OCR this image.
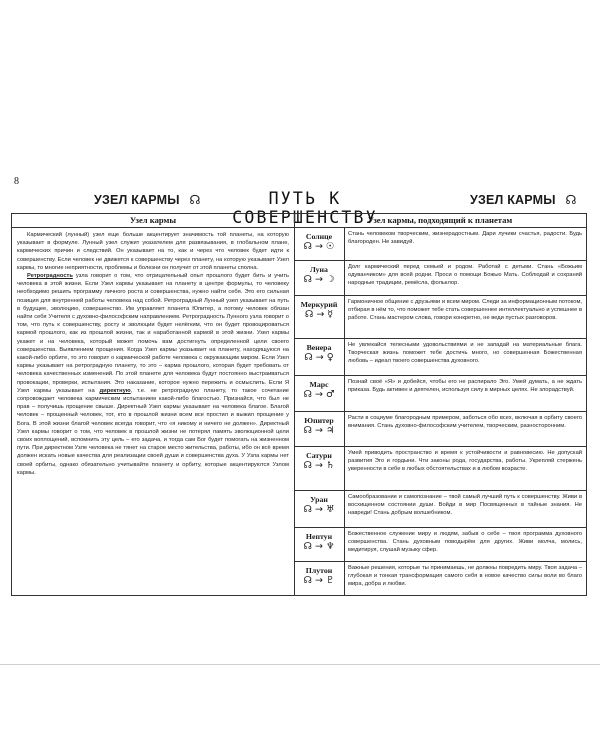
8
УЗЕЛ КАРМЫ ☊	ПУТЬ К СОВЕРШЕНСТВУ
УЗЕЛ КАРМЫ ☊
Узел кармы

Кармический (лунный) узел еще больше акцентирует значимость той планеты, на которую указывает в формуле. Лунный узел служит указателем для развязывания, в глобальном плане, кармических причин и следствий. Он указывает на то, как и через что человек будет идти к совершенству. Если человек не движется к совершенству через планету, на которую указывает Узел кармы, то многие неприятности, проблемы и болезни он получит от этой планеты сполна.

Ретроградность узла говорит о том, что отрицательный опыт прошлого будет бить и учить человека в этой жизни. Если Узел кармы указывает на планету в центре формулы, то человеку необходимо решить программу личного роста и совершенства, нужно найти себя. Это его сильная позиция для внутренней работы человека над собой. Ретроградный Лунный узел указывает на путь в будущее, эволюцию, совершенство. Им управляет планета Юпитер, а потому человек обязан найти себя Учителя с духовно-философским направлением. Ретроградность Лунного узла говорит о том, что путь к совершенству, росту и эволюции будет нелёгким, что он будет провоцироваться кармой прошлого, как из прошлой жизни, так и наработанной кармой в этой жизни. Узел кармы укажет и на человека, который может помочь вам достигнуть определенной цели своего совершенства. Выявлением прощения. Когда Узел кармы указывает на планету, находящуюся на какой-либо орбите, то это говорит о кармической работе человека с окружающим миром. Если Узел кармы указывает на ретроградную планету, то это – карма прошлого, которая будет требовать от человека качественных изменений. По этой планете для человека будут постоянно выстраиваться провокации, проверки, испытания. Это наказание, которое нужно пережить и осмыслить. Если Я Узел кармы указывает на директную, т.е. не ретроградную планету, то такое сочетание сопровождает человека кармическим испытанием какой-либо благостью. Признайся, что был не прав – получишь прощение свыше. Директный Узел кармы указывает на человека благое. Благой человек – прощенный человек, тот, кто в прошлой жизни всем все простил и выжил прощение у Бога. В этой жизни благой человек всегда говорит, что «я никому и ничего не должен». Директный Узел кармы говорит о том, что человек в прошлой жизни не потерял память эволюционной цели своих воплощений, вспомнить эту цель – его задача, и тогда сам Бог будет помогать на жизненном пути. При директном Узле человека не тянет на старое место жительства, работы, ибо он всё время должен искать новые качества для реализации своей души и совершенства духа. У Узла кармы нет своей орбиты, однако обязательно учитывайте планету и орбиту, которые акцентируются Узлом кармы.

Узел кармы, подходящий к планетам
Солнце
☊ → ☉
Стань человеком творческим, жизнерадостным. Дари лучики счастья, радости. Будь благороден. Не завидуй.
Луна
☊ → ☽
Долг кармический перед семьей и родом. Работай с детьми. Стань «Божьим одуванчиком» для всей родни. Проси о помощи Божью Мать. Соблюдай и сохраняй народные традиции, ремёсла, фольклор.
Меркурий
☊ → ☿
Гармоничное общение с друзьями и всем миром. Следи за информационным потоком, отбирая в нём то, что поможет тебе стать совершеннее интеллектуально и успешнее в работе. Стань мастером слова, говори конкретно, не веди пустых разговоров.
Венера
☊ → ♀
Не увлекайся телесными удовольствиями и не западай на материальные блага. Творческая жизнь поможет тебе достичь много, но совершенная Божественная любовь – идеал твоего совершенства духовного.
Марс
☊ → ♂
Познай своё «Я» и добейся, чтобы его не распирало Эго. Умей думать, а не ждать приказа. Будь активен и деятелен, используя силу в мирных целях. Не злорадствуй.
Юпитер
☊ → ♃
Расти в социуме благородным примером, заботься обо всех, включая в орбиту своего внимания. Стань духовно-философским учителем, творческим, разносторонним.
Сатурн
☊ → ♄
Умей приводить пространство и время к устойчивости и равновесию. Не допускай развития Эго и гордыни. Чти законы рода, государства, работы. Укрепляй стержень уверенности в себе в любых обстоятельствах и в любом возрасте.
Уран
☊ → ♅
Самообразование и самопознание – твой самый лучший путь к совершенству. Живи в восхищенном состоянии души. Войди в мир Посвященных в тайные знания. Не навреди! Стань добрым волшебником.
Нептун
☊ → ♆
Божественное служение миру и людям, забыв о себе – твоя программа духовного совершенства. Стань духовным поводырём для других. Живи молча, молись, медитируя, слушай музыку сфер.
Плутон
☊ → ♇
Важные решения, которые ты принимаешь, не должны повредить миру. Твоя задача – глубокая и тонкая трансформация самого себя в новое качество силы воли во благо мира, добра и любви.
